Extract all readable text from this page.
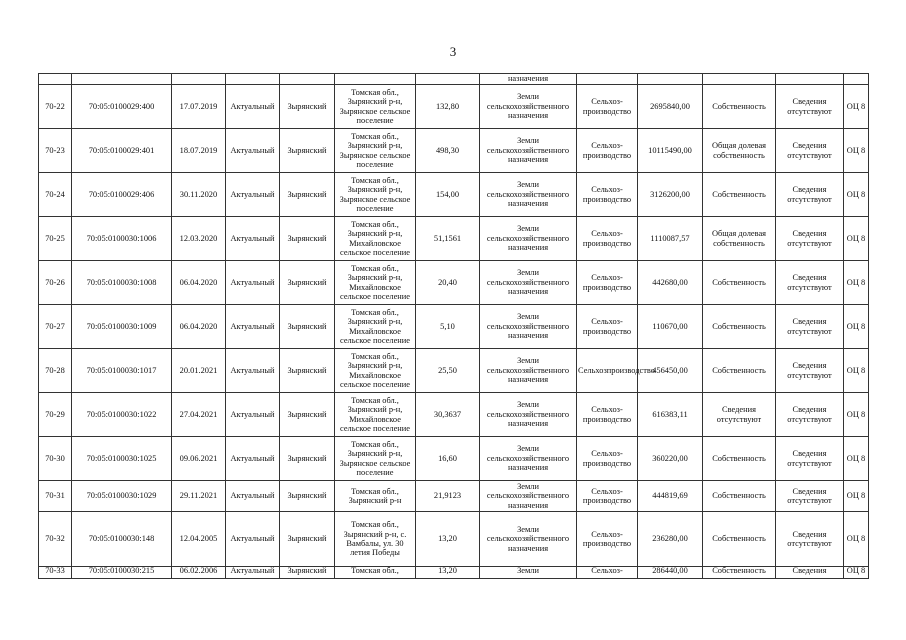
3
							назначения					
70-22	70:05:0100029:400	17.07.2019	Актуальный	Зырянский	Томская обл., Зырянский р-н, Зырянское сельское поселение	132,80	Земли сельскохозяйственного назначения	Сельхоз-производство	2695840,00	Собственность	Сведения отсутствуют	ОЦ 8
70-23	70:05:0100029:401	18.07.2019	Актуальный	Зырянский	Томская обл., Зырянский р-н, Зырянское сельское поселение	498,30	Земли сельскохозяйственного назначения	Сельхоз-производство	10115490,00	Общая долевая собственность	Сведения отсутствуют	ОЦ 8
70-24	70:05:0100029:406	30.11.2020	Актуальный	Зырянский	Томская обл., Зырянский р-н, Зырянское сельское поселение	154,00	Земли сельскохозяйственного назначения	Сельхоз-производство	3126200,00	Собственность	Сведения отсутствуют	ОЦ 8
70-25	70:05:0100030:1006	12.03.2020	Актуальный	Зырянский	Томская обл., Зырянский р-н, Михайловское сельское поселение	51,1561	Земли сельскохозяйственного назначения	Сельхоз-производство	1110087,57	Общая долевая собственность	Сведения отсутствуют	ОЦ 8
70-26	70:05:0100030:1008	06.04.2020	Актуальный	Зырянский	Томская обл., Зырянский р-н, Михайловское сельское поселение	20,40	Земли сельскохозяйственного назначения	Сельхоз-производство	442680,00	Собственность	Сведения отсутствуют	ОЦ 8
70-27	70:05:0100030:1009	06.04.2020	Актуальный	Зырянский	Томская обл., Зырянский р-н, Михайловское сельское поселение	5,10	Земли сельскохозяйственного назначения	Сельхоз-производство	110670,00	Собственность	Сведения отсутствуют	ОЦ 8
70-28	70:05:0100030:1017	20.01.2021	Актуальный	Зырянский	Томская обл., Зырянский р-н, Михайловское сельское поселение	25,50	Земли сельскохозяйственного назначения	Сельхозпроизводство	456450,00	Собственность	Сведения отсутствуют	ОЦ 8
70-29	70:05:0100030:1022	27.04.2021	Актуальный	Зырянский	Томская обл., Зырянский р-н, Михайловское сельское поселение	30,3637	Земли сельскохозяйственного назначения	Сельхоз-производство	616383,11	Сведения отсутствуют	Сведения отсутствуют	ОЦ 8
70-30	70:05:0100030:1025	09.06.2021	Актуальный	Зырянский	Томская обл., Зырянский р-н, Зырянское сельское поселение	16,60	Земли сельскохозяйственного назначения	Сельхоз-производство	360220,00	Собственность	Сведения отсутствуют	ОЦ 8
70-31	70:05:0100030:1029	29.11.2021	Актуальный	Зырянский	Томская обл., Зырянский р-н	21,9123	Земли сельскохозяйственного назначения	Сельхоз-производство	444819,69	Собственность	Сведения отсутствуют	ОЦ 8
70-32	70:05:0100030:148	12.04.2005	Актуальный	Зырянский	Томская обл., Зырянский р-н, с. Вамбалы, ул. 30 летия Победы	13,20	Земли сельскохозяйственного назначения	Сельхоз-производство	236280,00	Собственность	Сведения отсутствуют	ОЦ 8
70-33	70:05:0100030:215	06.02.2006	Актуальный	Зырянский	Томская обл.,	13,20	Земли	Сельхоз-	286440,00	Собственность	Сведения	ОЦ 8
